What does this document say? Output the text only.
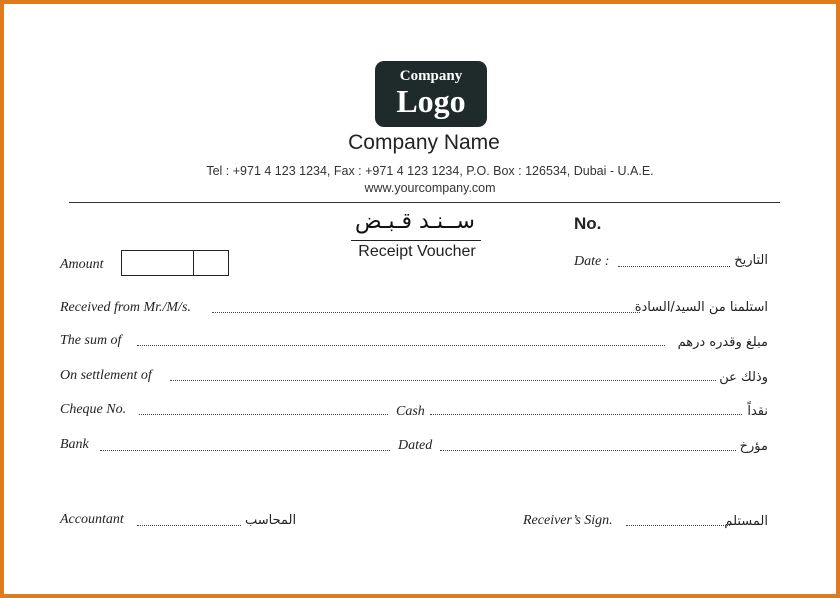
Company
Logo
Company Name
Tel : +971 4 123 1234, Fax : +971 4 123 1234, P.O. Box : 126534, Dubai - U.A.E.
www.yourcompany.com
ســنـد قـبـض
Receipt Voucher
No.
Amount	Date :	التاريخ
Received from Mr./M/s.	استلمنا من السيد/السادة
The sum of	مبلغ وقدره درهم
On settlement of	وذلك عن
Cheque No.	Cash	نقداً
Bank	Dated	مؤرخ
Accountant	المحاسب	Receiver’s Sign.	المستلم
